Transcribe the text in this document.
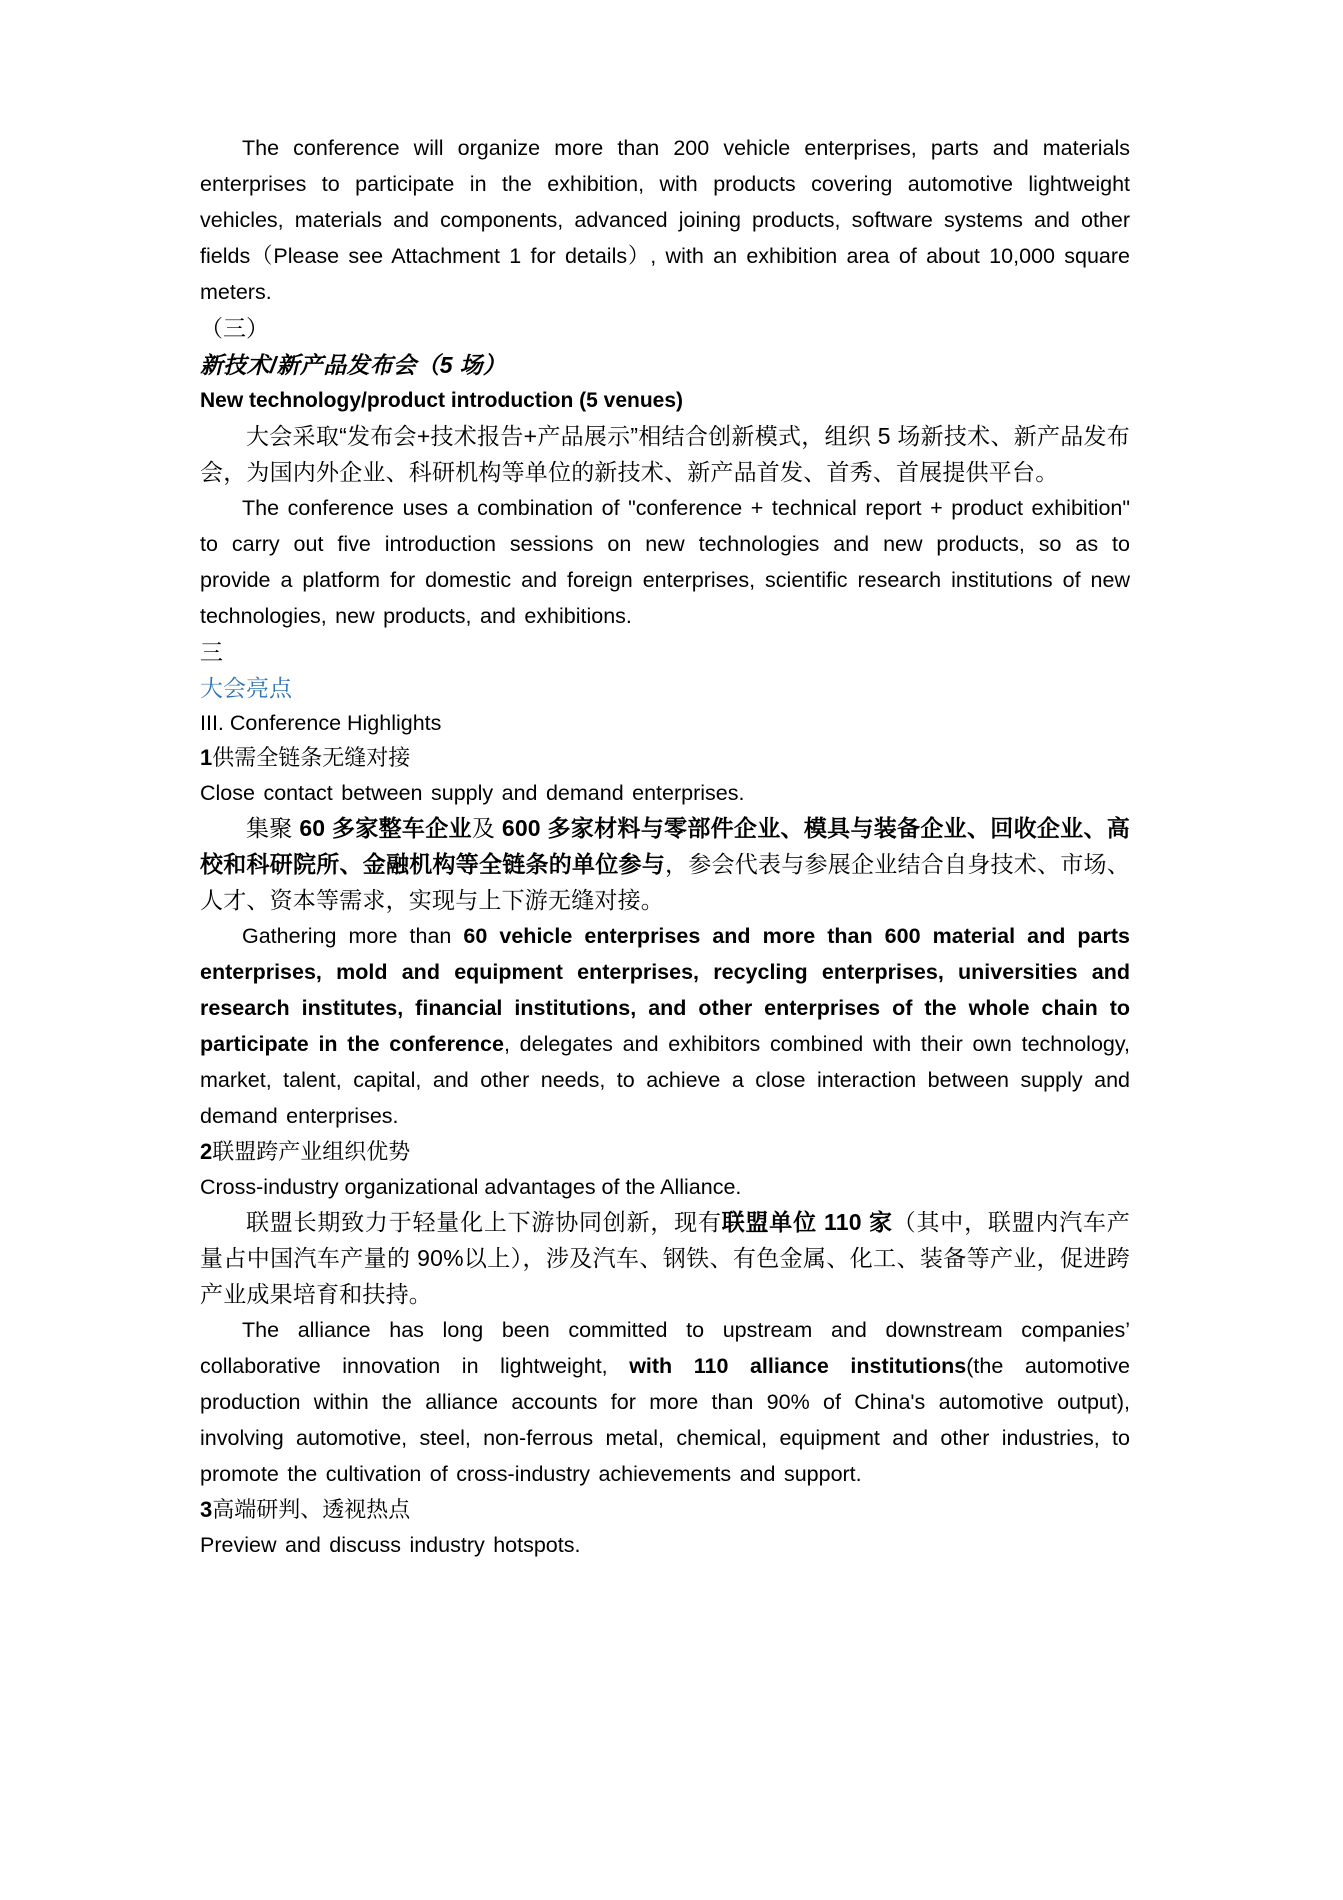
The conference will organize more than 200 vehicle enterprises, parts and materials enterprises to participate in the exhibition, with products covering automotive lightweight vehicles, materials and components, advanced joining products, software systems and other fields（Please see Attachment 1 for details）, with an exhibition area of about 10,000 square meters.

（三）

新技术/新产品发布会（5 场）

New technology/product introduction (5 venues)

大会采取“发布会+技术报告+产品展示”相结合创新模式，组织 5 场新技术、新产品发布会，为国内外企业、科研机构等单位的新技术、新产品首发、首秀、首展提供平台。

The conference uses a combination of "conference + technical report + product exhibition" to carry out five introduction sessions on new technologies and new products, so as to provide a platform for domestic and foreign enterprises, scientific research institutions of new technologies, new products, and exhibitions.

三

大会亮点

III. Conference Highlights

1供需全链条无缝对接

Close contact between supply and demand enterprises.

集聚 60 多家整车企业及 600 多家材料与零部件企业、模具与装备企业、回收企业、高校和科研院所、金融机构等全链条的单位参与，参会代表与参展企业结合自身技术、市场、人才、资本等需求，实现与上下游无缝对接。

Gathering more than 60 vehicle enterprises and more than 600 material and parts enterprises, mold and equipment enterprises, recycling enterprises, universities and research institutes, financial institutions, and other enterprises of the whole chain to participate in the conference, delegates and exhibitors combined with their own technology, market, talent, capital, and other needs, to achieve a close interaction between supply and demand enterprises.

2联盟跨产业组织优势

Cross-industry organizational advantages of the Alliance.

联盟长期致力于轻量化上下游协同创新，现有联盟单位 110 家（其中，联盟内汽车产量占中国汽车产量的 90%以上），涉及汽车、钢铁、有色金属、化工、装备等产业，促进跨产业成果培育和扶持。

The alliance has long been committed to upstream and downstream companies’ collaborative innovation in lightweight, with 110 alliance institutions(the automotive production within the alliance accounts for more than 90% of China's automotive output), involving automotive, steel, non-ferrous metal, chemical, equipment and other industries, to promote the cultivation of cross-industry achievements and support.

3高端研判、透视热点

Preview and discuss industry hotspots.
